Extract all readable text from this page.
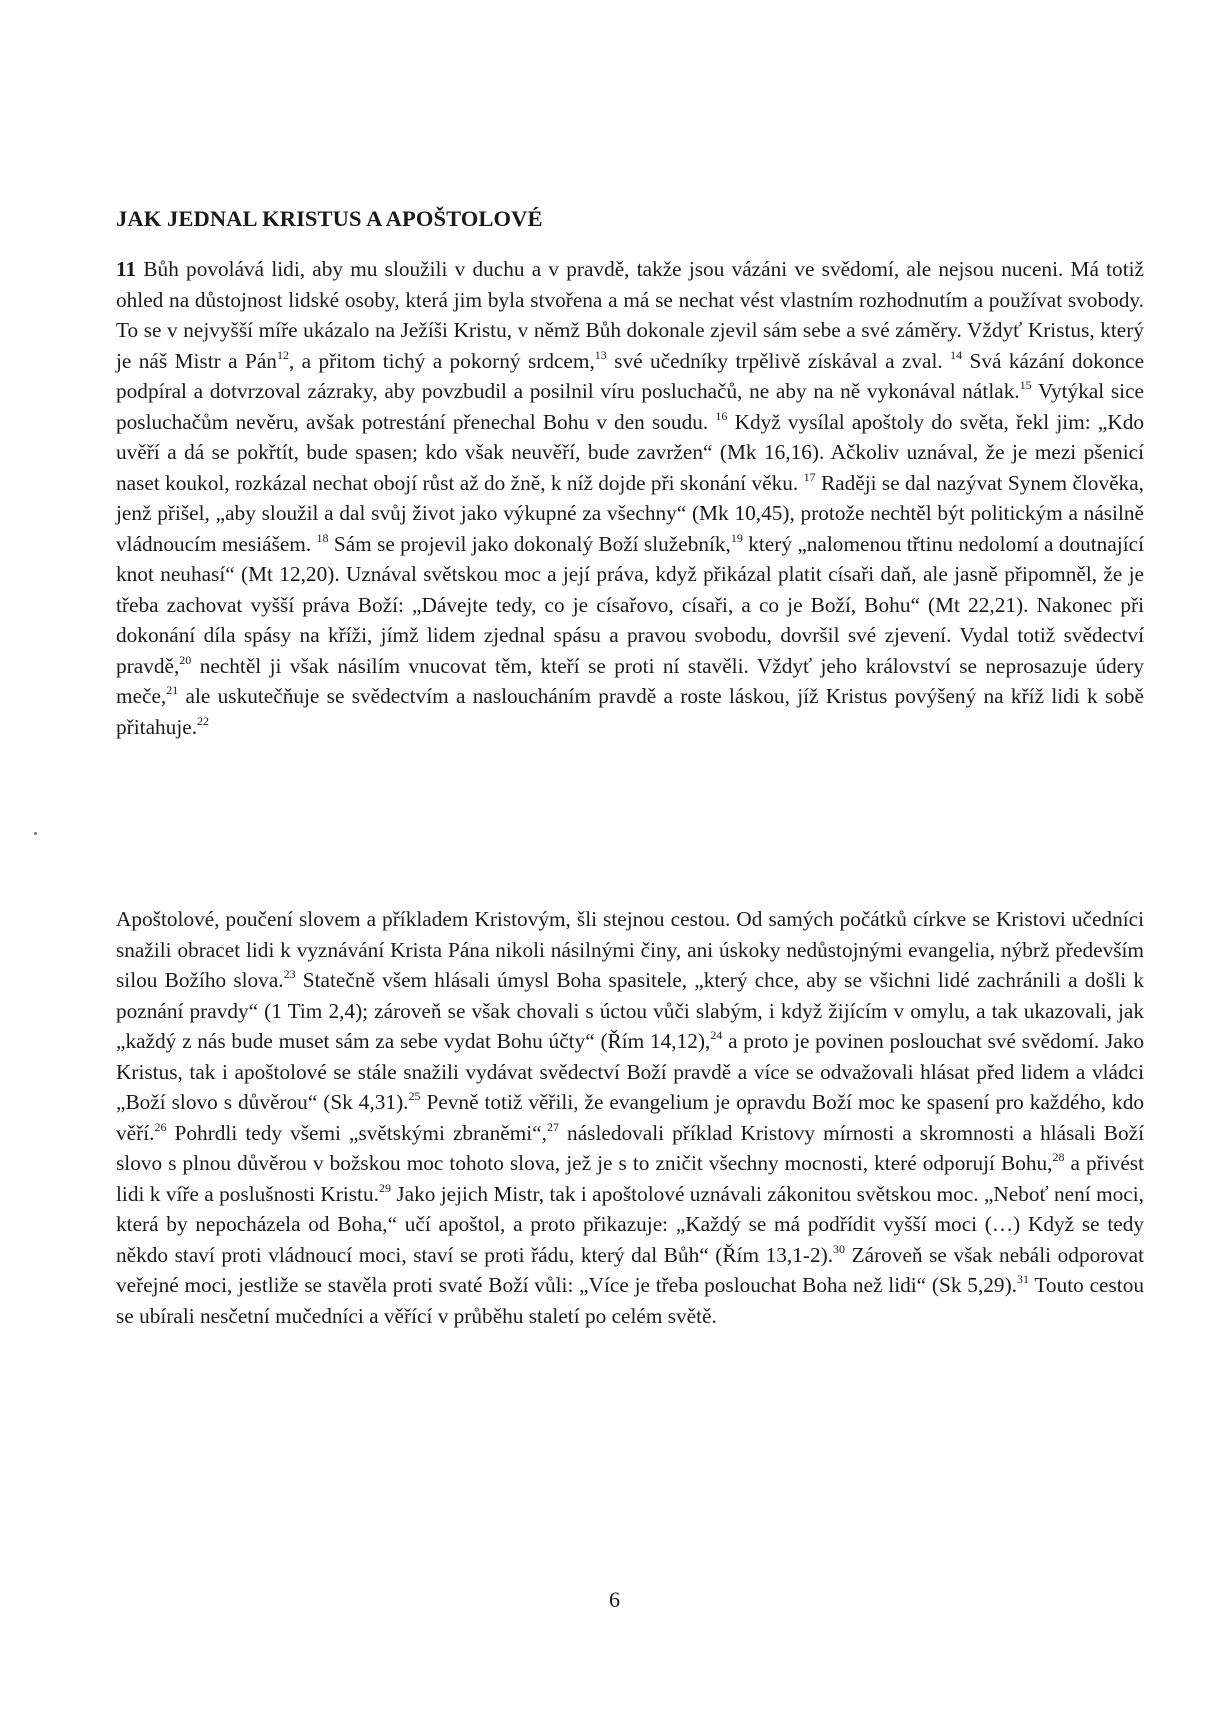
JAK JEDNAL KRISTUS A APOŠTOLOVÉ

11 Bůh povolává lidi, aby mu sloužili v duchu a v pravdě, takže jsou vázáni ve svědomí, ale nejsou nuceni. Má totiž ohled na důstojnost lidské osoby, která jim byla stvořena a má se nechat vést vlastním rozhodnutím a používat svobody. To se v nejvyšší míře ukázalo na Ježíši Kristu, v němž Bůh dokonale zjevil sám sebe a své záměry. Vždyť Kristus, který je náš Mistr a Pán$^{12}$, a přitom tichý a pokorný srdcem,$^{13}$ své učedníky trpělivě získával a zval. $^{14}$ Svá kázání dokonce podpíral a dotvrzoval zázraky, aby povzbudil a posilnil víru posluchačů, ne aby na ně vykonával nátlak.$^{15}$ Vytýkal sice posluchačům nevěru, avšak potrestání přenechal Bohu v den soudu. $^{16}$ Když vysílal apoštoly do světa, řekl jim: „Kdo uvěří a dá se pokřtít, bude spasen; kdo však neuvěří, bude zavržen“ (Mk 16,16). Ačkoliv uznával, že je mezi pšenicí naset koukol, rozkázal nechat obojí růst až do žně, k níž dojde při skonání věku. $^{17}$ Raději se dal nazývat Synem člověka, jenž přišel, „aby sloužil a dal svůj život jako výkupné za všechny“ (Mk 10,45), protože nechtěl být politickým a násilně vládnoucím mesiášem. $^{18}$ Sám se projevil jako dokonalý Boží služebník,$^{19}$ který „nalomenou třtinu nedolomí a doutnající knot neuhasí“ (Mt 12,20). Uznával světskou moc a její práva, když přikázal platit císaři daň, ale jasně připomněl, že je třeba zachovat vyšší práva Boží: „Dávejte tedy, co je císařovo, císaři, a co je Boží, Bohu“ (Mt 22,21). Nakonec při dokonání díla spásy na kříži, jímž lidem zjednal spásu a pravou svobodu, dovršil své zjevení. Vydal totiž svědectví pravdě,$^{20}$ nechtěl ji však násilím vnucovat těm, kteří se proti ní stavěli. Vždyť jeho království se neprosazuje údery meče,$^{21}$ ale uskutečňuje se svědectvím a nasloucháním pravdě a roste láskou, jíž Kristus povýšený na kříž lidi k sobě přitahuje.$^{22}$

Apoštolové, poučení slovem a příkladem Kristovým, šli stejnou cestou. Od samých počátků církve se Kristovi učedníci snažili obracet lidi k vyznávání Krista Pána nikoli násilnými činy, ani úskoky nedůstojnými evangelia, nýbrž především silou Božího slova.$^{23}$ Statečně všem hlásali úmysl Boha spasitele, „který chce, aby se všichni lidé zachránili a došli k poznání pravdy“ (1 Tim 2,4); zároveň se však chovali s úctou vůči slabým, i když žijícím v omylu, a tak ukazovali, jak „každý z nás bude muset sám za sebe vydat Bohu účty“ (Řím 14,12),$^{24}$ a proto je povinen poslouchat své svědomí. Jako Kristus, tak i apoštolové se stále snažili vydávat svědectví Boží pravdě a více se odvažovali hlásat před lidem a vládci „Boží slovo s důvěrou“ (Sk 4,31).$^{25}$ Pevně totiž věřili, že evangelium je opravdu Boží moc ke spasení pro každého, kdo věří.$^{26}$ Pohrdli tedy všemi „světskými zbraněmi“,$^{27}$ následovali příklad Kristovy mírnosti a skromnosti a hlásali Boží slovo s plnou důvěrou v božskou moc tohoto slova, jež je s to zničit všechny mocnosti, které odporují Bohu,$^{28}$ a přivést lidi k víře a poslušnosti Kristu.$^{29}$ Jako jejich Mistr, tak i apoštolové uznávali zákonitou světskou moc. „Neboť není moci, která by nepocházela od Boha,“ učí apoštol, a proto přikazuje: „Každý se má podřídit vyšší moci (…) Když se tedy někdo staví proti vládnoucí moci, staví se proti řádu, který dal Bůh“ (Řím 13,1-2).$^{30}$ Zároveň se však nebáli odporovat veřejné moci, jestliže se stavěla proti svaté Boží vůli: „Více je třeba poslouchat Boha než lidi“ (Sk 5,29).$^{31}$ Touto cestou se ubírali nesčetní mučedníci a věřící v průběhu staletí po celém světě.

6
